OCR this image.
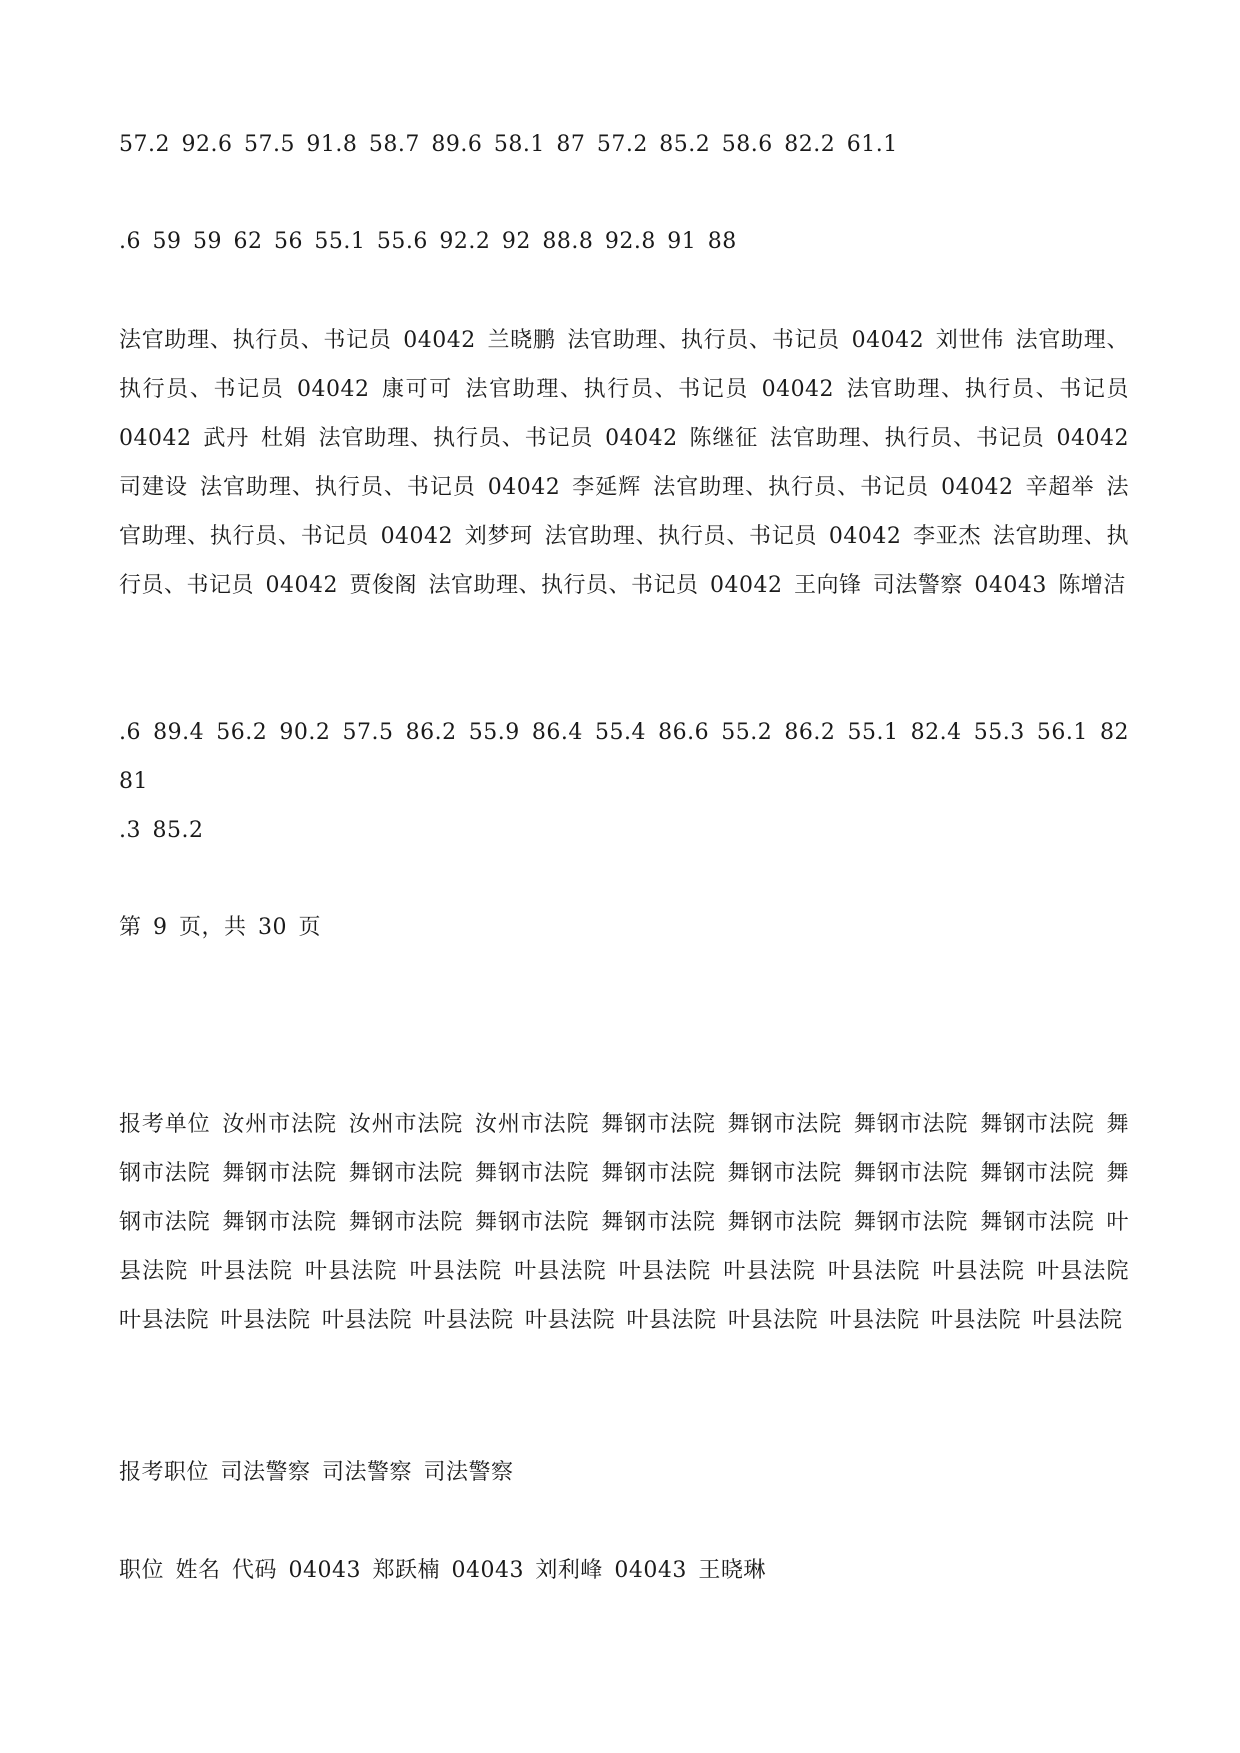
57.2 92.6 57.5 91.8 58.7 89.6 58.1 87 57.2 85.2 58.6 82.2 61.1

.6 59 59 62 56 55.1 55.6 92.2 92 88.8 92.8 91 88

法官助理、执行员、书记员 04042 兰晓鹏 法官助理、执行员、书记员 04042 刘世伟 法官助理、执行员、书记员 04042 康可可 法官助理、执行员、书记员 04042 法官助理、执行员、书记员 04042 武丹 杜娟 法官助理、执行员、书记员 04042 陈继征 法官助理、执行员、书记员 04042 司建设 法官助理、执行员、书记员 04042 李延辉 法官助理、执行员、书记员 04042 辛超举 法官助理、执行员、书记员 04042 刘梦珂 法官助理、执行员、书记员 04042 李亚杰 法官助理、执行员、书记员 04042 贾俊阁 法官助理、执行员、书记员 04042 王向锋 司法警察 04043 陈增洁

.6 89.4 56.2 90.2 57.5 86.2 55.9 86.4 55.4 86.6 55.2 86.2 55.1 82.4 55.3 56.1 82 81

.3 85.2

第 9 页，共 30 页

报考单位 汝州市法院 汝州市法院 汝州市法院 舞钢市法院 舞钢市法院 舞钢市法院 舞钢市法院 舞钢市法院 舞钢市法院 舞钢市法院 舞钢市法院 舞钢市法院 舞钢市法院 舞钢市法院 舞钢市法院 舞钢市法院 舞钢市法院 舞钢市法院 舞钢市法院 舞钢市法院 舞钢市法院 舞钢市法院 舞钢市法院 叶县法院 叶县法院 叶县法院 叶县法院 叶县法院 叶县法院 叶县法院 叶县法院 叶县法院 叶县法院 叶县法院 叶县法院 叶县法院 叶县法院 叶县法院 叶县法院 叶县法院 叶县法院 叶县法院 叶县法院

报考职位 司法警察 司法警察 司法警察

职位 姓名 代码 04043 郑跃楠 04043 刘利峰 04043 王晓琳
